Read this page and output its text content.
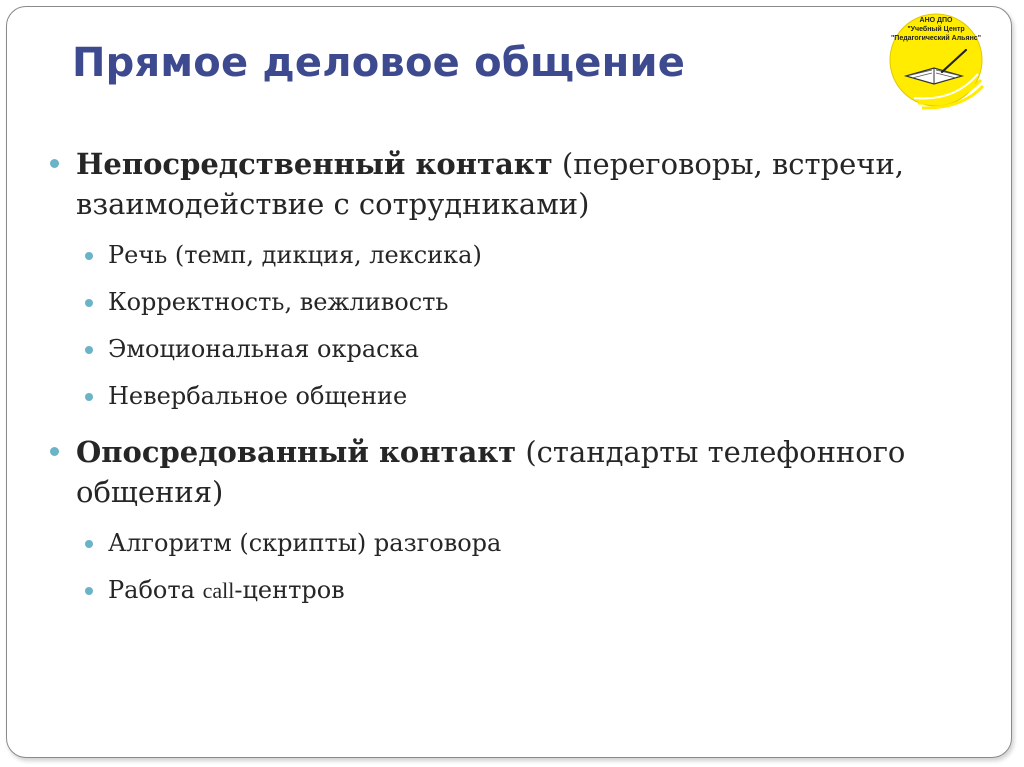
Прямое деловое общение
АНО ДПО
"Учебный Центр
"Педагогический Альянс"
Непосредственный контакт (переговоры, встречи, взаимодействие с сотрудниками)
Речь (темп, дикция, лексика)
Корректность, вежливость
Эмоциональная окраска
Невербальное общение
Опосредованный контакт (стандарты телефонного общения)
Алгоритм (скрипты) разговора
Работа call-центров
